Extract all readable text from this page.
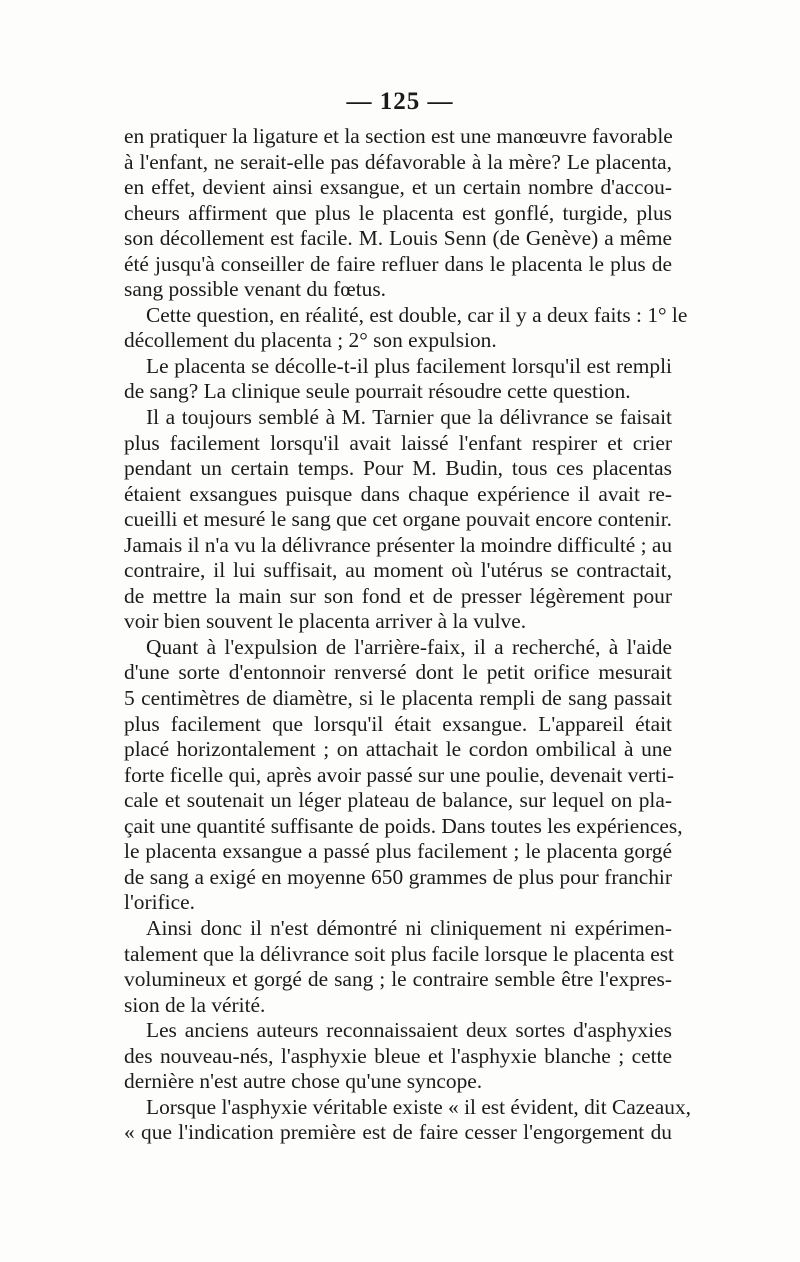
— 125 —
en pratiquer la ligature et la section est une manœuvre favorable
à l'enfant, ne serait-elle pas défavorable à la mère? Le placenta,
en effet, devient ainsi exsangue, et un certain nombre d'accou-
cheurs affirment que plus le placenta est gonflé, turgide, plus
son décollement est facile. M. Louis Senn (de Genève) a même
été jusqu'à conseiller de faire refluer dans le placenta le plus de
sang possible venant du fœtus.
Cette question, en réalité, est double, car il y a deux faits : 1° le
décollement du placenta ; 2° son expulsion.
Le placenta se décolle-t-il plus facilement lorsqu'il est rempli
de sang? La clinique seule pourrait résoudre cette question.
Il a toujours semblé à M. Tarnier que la délivrance se faisait
plus facilement lorsqu'il avait laissé l'enfant respirer et crier
pendant un certain temps. Pour M. Budin, tous ces placentas
étaient exsangues puisque dans chaque expérience il avait re-
cueilli et mesuré le sang que cet organe pouvait encore contenir.
Jamais il n'a vu la délivrance présenter la moindre difficulté ; au
contraire, il lui suffisait, au moment où l'utérus se contractait,
de mettre la main sur son fond et de presser légèrement pour
voir bien souvent le placenta arriver à la vulve.
Quant à l'expulsion de l'arrière-faix, il a recherché, à l'aide
d'une sorte d'entonnoir renversé dont le petit orifice mesurait
5 centimètres de diamètre, si le placenta rempli de sang passait
plus facilement que lorsqu'il était exsangue. L'appareil était
placé horizontalement ; on attachait le cordon ombilical à une
forte ficelle qui, après avoir passé sur une poulie, devenait verti-
cale et soutenait un léger plateau de balance, sur lequel on pla-
çait une quantité suffisante de poids. Dans toutes les expériences,
le placenta exsangue a passé plus facilement ; le placenta gorgé
de sang a exigé en moyenne 650 grammes de plus pour franchir
l'orifice.
Ainsi donc il n'est démontré ni cliniquement ni expérimen-
talement que la délivrance soit plus facile lorsque le placenta est
volumineux et gorgé de sang ; le contraire semble être l'expres-
sion de la vérité.
Les anciens auteurs reconnaissaient deux sortes d'asphyxies
des nouveau-nés, l'asphyxie bleue et l'asphyxie blanche ; cette
dernière n'est autre chose qu'une syncope.
Lorsque l'asphyxie véritable existe « il est évident, dit Cazeaux,
« que l'indication première est de faire cesser l'engorgement du
